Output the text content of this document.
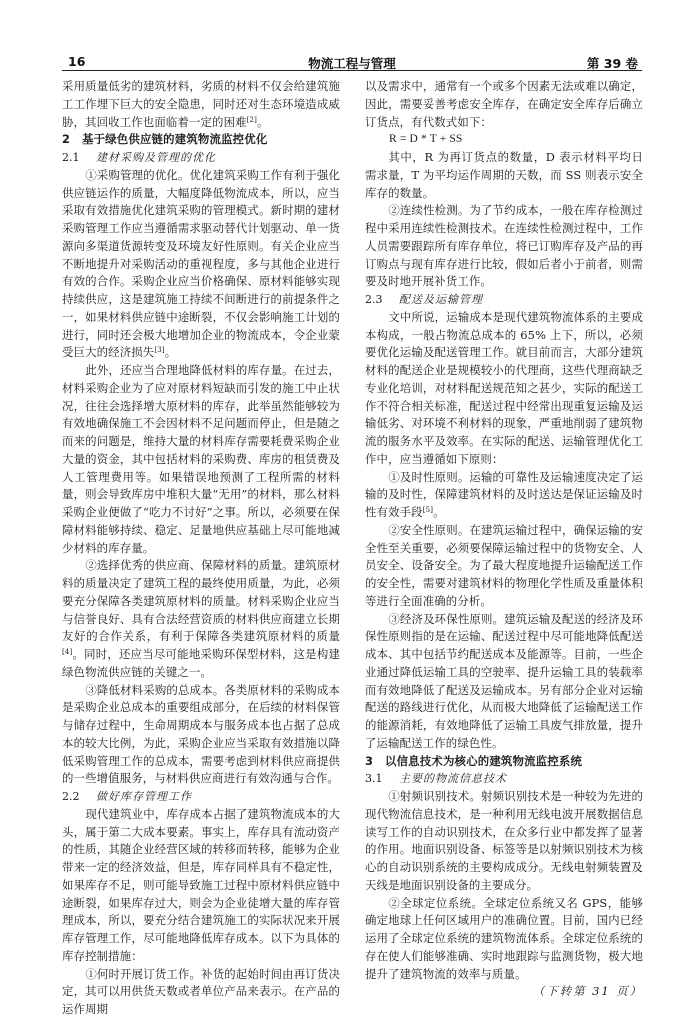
16	物流工程与管理	第 39 卷

采用质量低劣的建筑材料，劣质的材料不仅会给建筑施工工作埋下巨大的安全隐患，同时还对生态环境造成威胁，其回收工作也面临着一定的困难[2]。

2 基于绿色供应链的建筑物流监控优化

2.1 建材采购及管理的优化

①采购管理的优化。优化建筑采购工作有利于强化供应链运作的质量，大幅度降低物流成本，所以，应当采取有效措施优化建筑采购的管理模式。新时期的建材采购管理工作应当遵循需求驱动替代计划驱动、单一货源向多渠道货源转变及环境友好性原则。有关企业应当不断地提升对采购活动的重视程度，多与其他企业进行有效的合作。采购企业应当价格确保、原材料能够实现持续供应，这是建筑施工持续不间断进行的前提条件之一，如果材料供应链中途断裂，不仅会影响施工计划的进行，同时还会极大地增加企业的物流成本，令企业蒙受巨大的经济损失[3]。

此外，还应当合理地降低材料的库存量。在过去，材料采购企业为了应对原材料短缺而引发的施工中止状况，往往会选择增大原材料的库存，此举虽然能够较为有效地确保施工不会因材料不足问题而停止，但是随之而来的问题是，维持大量的材料库存需要耗费采购企业大量的资金，其中包括材料的采购费、库房的租赁费及人工管理费用等。如果错误地预测了工程所需的材料量，则会导致库房中堆积大量“无用”的材料，那么材料采购企业便做了“吃力不讨好”之事。所以，必须要在保障材料能够持续、稳定、足量地供应基础上尽可能地减少材料的库存量。

②选择优秀的供应商、保障材料的质量。建筑原材料的质量决定了建筑工程的最终使用质量，为此，必须要充分保障各类建筑原材料的质量。材料采购企业应当与信誉良好、具有合法经营资质的材料供应商建立长期友好的合作关系，有利于保障各类建筑原材料的质量[4]。同时，还应当尽可能地采购环保型材料，这是构建绿色物流供应链的关键之一。

③降低材料采购的总成本。各类原材料的采购成本是采购企业总成本的重要组成部分，在后续的材料保管与储存过程中，生命周期成本与服务成本也占据了总成本的较大比例，为此，采购企业应当采取有效措施以降低采购管理工作的总成本，需要考虑到材料供应商提供的一些增值服务，与材料供应商进行有效沟通与合作。

2.2 做好库存管理工作

现代建筑业中，库存成本占据了建筑物流成本的大头，属于第二大成本要素。事实上，库存具有流动资产的性质，其随企业经营区域的转移而转移，能够为企业带来一定的经济效益，但是，库存同样具有不稳定性，如果库存不足，则可能导致施工过程中原材料供应链中途断裂，如果库存过大，则会为企业徒增大量的库存管理成本，所以，要充分结合建筑施工的实际状况来开展库存管理工作，尽可能地降低库存成本。以下为具体的库存控制措施：

①何时开展订货工作。补货的起始时间由再订货决定，其可以用供货天数或者单位产品来表示。在产品的运作周期

以及需求中，通常有一个或多个因素无法或难以确定，因此，需要妥善考虑安全库存，在确定安全库存后确立订货点，有代数式如下：

R = D * T + SS

其中，R 为再订货点的数量，D 表示材料平均日需求量，T 为平均运作周期的天数，而 SS 则表示安全库存的数量。

②连续性检测。为了节约成本，一般在库存检测过程中采用连续性检测技术。在连续性检测过程中，工作人员需要跟踪所有库存单位，将已订购库存及产品的再订购点与现有库存进行比较，假如后者小于前者，则需要及时地开展补货工作。

2.3 配送及运输管理

文中所说，运输成本是现代建筑物流体系的主要成本构成，一般占物流总成本的 65% 上下，所以，必须要优化运输及配送管理工作。就目前而言，大部分建筑材料的配送企业是规模较小的代理商，这些代理商缺乏专业化培训，对材料配送规范知之甚少，实际的配送工作不符合相关标准，配送过程中经常出现重复运输及运输低劣、对环境不利材料的现象，严重地削弱了建筑物流的服务水平及效率。在实际的配送、运输管理优化工作中，应当遵循如下原则：

①及时性原则。运输的可靠性及运输速度决定了运输的及时性，保障建筑材料的及时送达是保证运输及时性有效手段[5]。

②安全性原则。在建筑运输过程中，确保运输的安全性至关重要，必须要保障运输过程中的货物安全、人员安全、设备安全。为了最大程度地提升运输配送工作的安全性，需要对建筑材料的物理化学性质及重量体积等进行全面准确的分析。

③经济及环保性原则。建筑运输及配送的经济及环保性原则指的是在运输、配送过程中尽可能地降低配送成本、其中包括节约配送成本及能源等。目前，一些企业通过降低运输工具的空驶率、提升运输工具的装载率而有效地降低了配送及运输成本。另有部分企业对运输配送的路线进行优化，从而极大地降低了运输配送工作的能源消耗，有效地降低了运输工具废气排放量，提升了运输配送工作的绿色性。

3 以信息技术为核心的建筑物流监控系统

3.1 主要的物流信息技术

①射频识别技术。射频识别技术是一种较为先进的现代物流信息技术，是一种利用无线电波开展数据信息读写工作的自动识别技术，在众多行业中都发挥了显著的作用。地面识别设备、标签等是以射频识别技术为核心的自动识别系统的主要构成成分。无线电射频装置及天线是地面识别设备的主要成分。

②全球定位系统。全球定位系统又名 GPS，能够确定地球上任何区域用户的准确位置。目前，国内已经运用了全球定位系统的建筑物流体系。全球定位系统的存在使人们能够准确、实时地跟踪与监测货物，极大地提升了建筑物流的效率与质量。
（下转第 31 页）
